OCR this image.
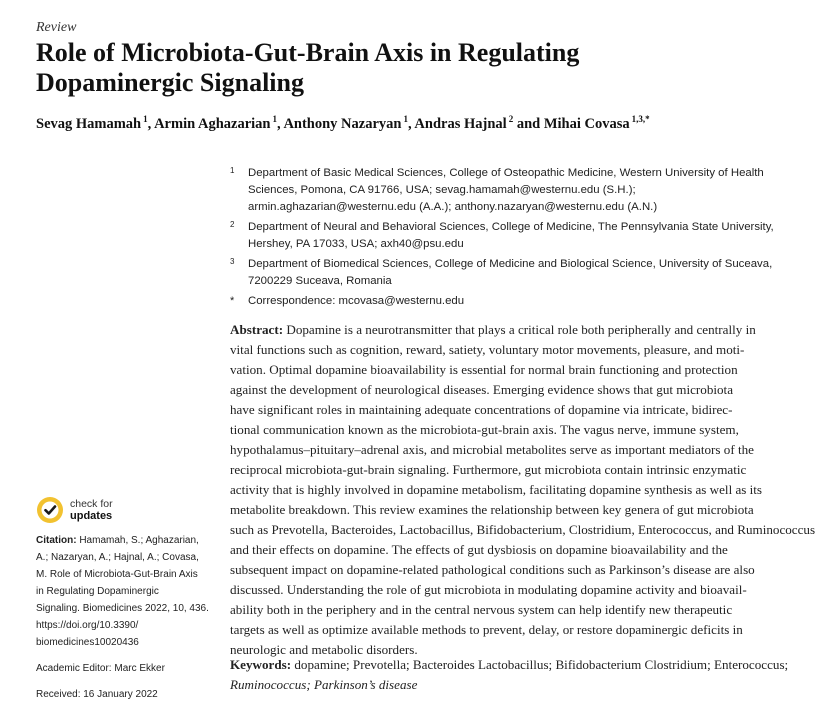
Review
Role of Microbiota-Gut-Brain Axis in Regulating
Dopaminergic Signaling
Sevag Hamamah $^1$, Armin Aghazarian $^1$, Anthony Nazaryan $^1$, Andras Hajnal $^2$ and Mihai Covasa $^{1,3,*}$
1 Department of Basic Medical Sciences, College of Osteopathic Medicine, Western University of Health
Sciences, Pomona, CA 91766, USA; sevag.hamamah@westernu.edu (S.H.);
armin.aghazarian@westernu.edu (A.A.); anthony.nazaryan@westernu.edu (A.N.)
2 Department of Neural and Behavioral Sciences, College of Medicine, The Pennsylvania State University,
Hershey, PA 17033, USA; axh40@psu.edu
3 Department of Biomedical Sciences, College of Medicine and Biological Science, University of Suceava,
7200229 Suceava, Romania
* Correspondence: mcovasa@westernu.edu
Abstract: Dopamine is a neurotransmitter that plays a critical role both peripherally and centrally in
vital functions such as cognition, reward, satiety, voluntary motor movements, pleasure, and moti-
vation. Optimal dopamine bioavailability is essential for normal brain functioning and protection
against the development of neurological diseases. Emerging evidence shows that gut microbiota
have significant roles in maintaining adequate concentrations of dopamine via intricate, bidirec-
tional communication known as the microbiota-gut-brain axis. The vagus nerve, immune system,
hypothalamus–pituitary–adrenal axis, and microbial metabolites serve as important mediators of the
reciprocal microbiota-gut-brain signaling. Furthermore, gut microbiota contain intrinsic enzymatic
activity that is highly involved in dopamine metabolism, facilitating dopamine synthesis as well as its
metabolite breakdown. This review examines the relationship between key genera of gut microbiota
such as Prevotella, Bacteroides, Lactobacillus, Bifidobacterium, Clostridium, Enterococcus, and Ruminococcus
and their effects on dopamine. The effects of gut dysbiosis on dopamine bioavailability and the
subsequent impact on dopamine-related pathological conditions such as Parkinson’s disease are also
discussed. Understanding the role of gut microbiota in modulating dopamine activity and bioavail-
ability both in the periphery and in the central nervous system can help identify new therapeutic
targets as well as optimize available methods to prevent, delay, or restore dopaminergic deficits in
neurologic and metabolic disorders.
Keywords: dopamine; Prevotella; Bacteroides Lactobacillus; Bifidobacterium Clostridium; Enterococcus;
Ruminococcus; Parkinson’s disease
check for
updates
Citation: Hamamah, S.; Aghazarian,
A.; Nazaryan, A.; Hajnal, A.; Covasa,
M. Role of Microbiota-Gut-Brain Axis
in Regulating Dopaminergic
Signaling. Biomedicines 2022, 10, 436.
https://doi.org/10.3390/
biomedicines10020436
Academic Editor: Marc Ekker
Received: 16 January 2022
